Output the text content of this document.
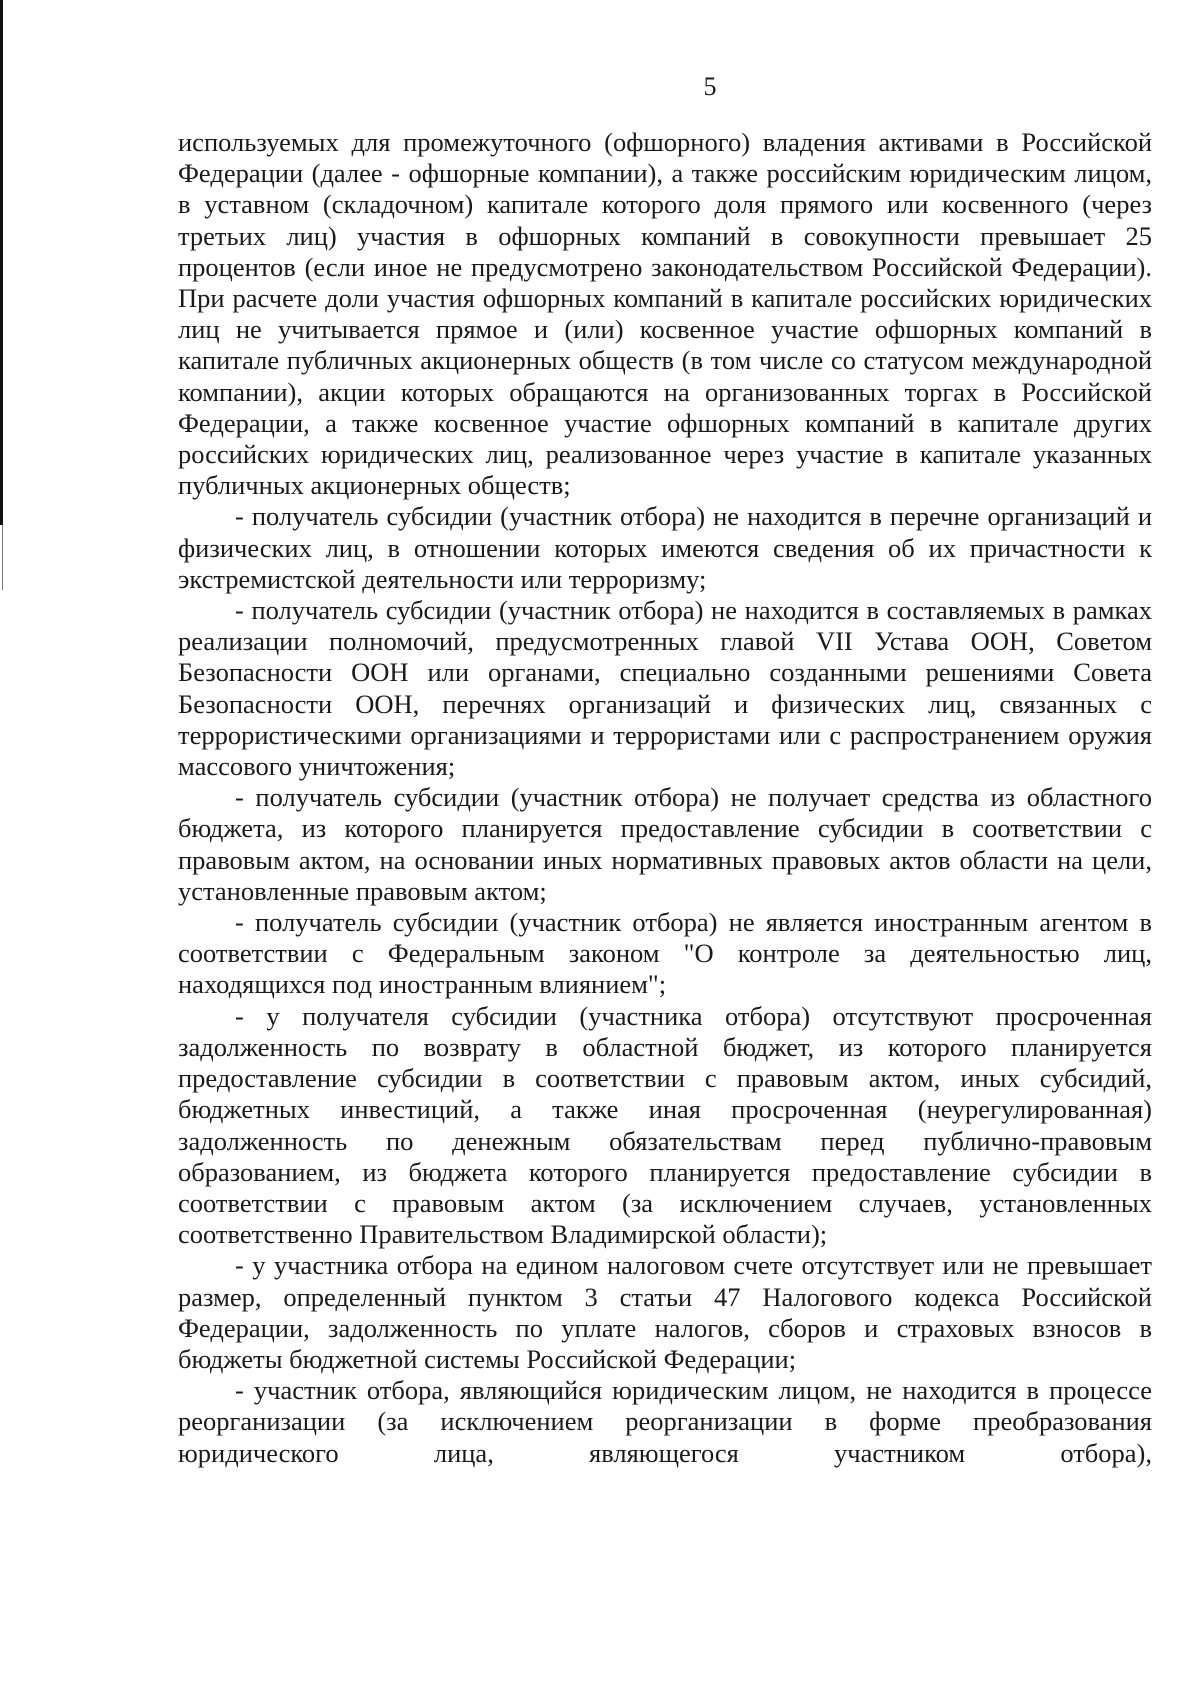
5

используемых для промежуточного (офшорного) владения активами в Российской Федерации (далее - офшорные компании), а также российским юридическим лицом, в уставном (складочном) капитале которого доля прямого или косвенного (через третьих лиц) участия в офшорных компаний в совокупности превышает 25 процентов (если иное не предусмотрено законодательством Российской Федерации). При расчете доли участия офшорных компаний в капитале российских юридических лиц не учитывается прямое и (или) косвенное участие офшорных компаний в капитале публичных акционерных обществ (в том числе со статусом международной компании), акции которых обращаются на организованных торгах в Российской Федерации, а также косвенное участие офшорных компаний в капитале других российских юридических лиц, реализованное через участие в капитале указанных публичных акционерных обществ;

- получатель субсидии (участник отбора) не находится в перечне организаций и физических лиц, в отношении которых имеются сведения об их причастности к экстремистской деятельности или терроризму;

- получатель субсидии (участник отбора) не находится в составляемых в рамках реализации полномочий, предусмотренных главой VII Устава ООН, Советом Безопасности ООН или органами, специально созданными решениями Совета Безопасности ООН, перечнях организаций и физических лиц, связанных с террористическими организациями и террористами или с распространением оружия массового уничтожения;

- получатель субсидии (участник отбора) не получает средства из областного бюджета, из которого планируется предоставление субсидии в соответствии с правовым актом, на основании иных нормативных правовых актов области на цели, установленные правовым актом;

- получатель субсидии (участник отбора) не является иностранным агентом в соответствии с Федеральным законом "О контроле за деятельностью лиц, находящихся под иностранным влиянием";

- у получателя субсидии (участника отбора) отсутствуют просроченная задолженность по возврату в областной бюджет, из которого планируется предоставление субсидии в соответствии с правовым актом, иных субсидий, бюджетных инвестиций, а также иная просроченная (неурегулированная) задолженность по денежным обязательствам перед публично-правовым образованием, из бюджета которого планируется предоставление субсидии в соответствии с правовым актом (за исключением случаев, установленных соответственно Правительством Владимирской области);

- у участника отбора на едином налоговом счете отсутствует или не превышает размер, определенный пунктом 3 статьи 47 Налогового кодекса Российской Федерации, задолженность по уплате налогов, сборов и страховых взносов в бюджеты бюджетной системы Российской Федерации;

- участник отбора, являющийся юридическим лицом, не находится в процессе реорганизации (за исключением реорганизации в форме преобразования юридического лица, являющегося участником отбора),
